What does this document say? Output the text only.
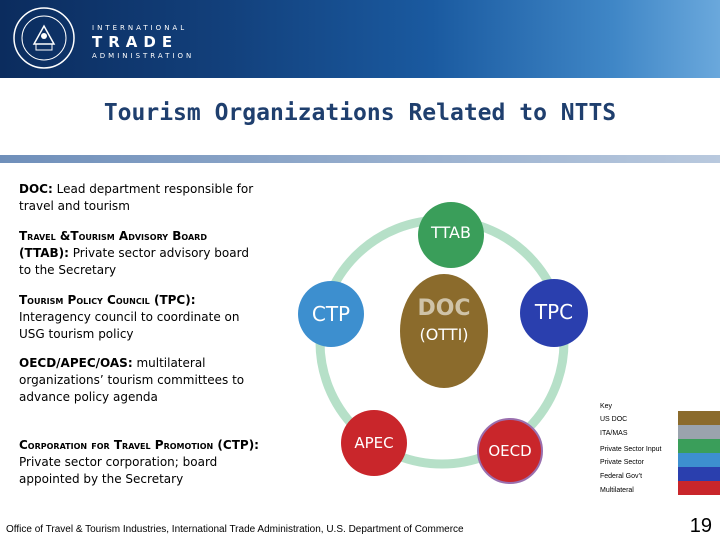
INTERNATIONAL
TRADE
ADMINISTRATION
Tourism Organizations Related to NTTS
DOC: Lead department responsible for travel and tourism
Travel &Tourism Advisory Board (TTAB): Private sector advisory board to the Secretary
Tourism Policy Council (TPC): Interagency council to coordinate on USG tourism policy
OECD/APEC/OAS: multilateral organizations’ tourism committees to advance policy agenda
Corporation for Travel Promotion (CTP): Private sector corporation; board appointed by the Secretary
DOC
(OTTI)
TTAB
CTP	TPC
APEC	OECD
Key
US DOC
ITA/MAS
Private Sector Input
Private Sector
Federal Gov’t
Multilateral
Office of Travel & Tourism Industries, International Trade Administration, U.S. Department of Commerce	19
